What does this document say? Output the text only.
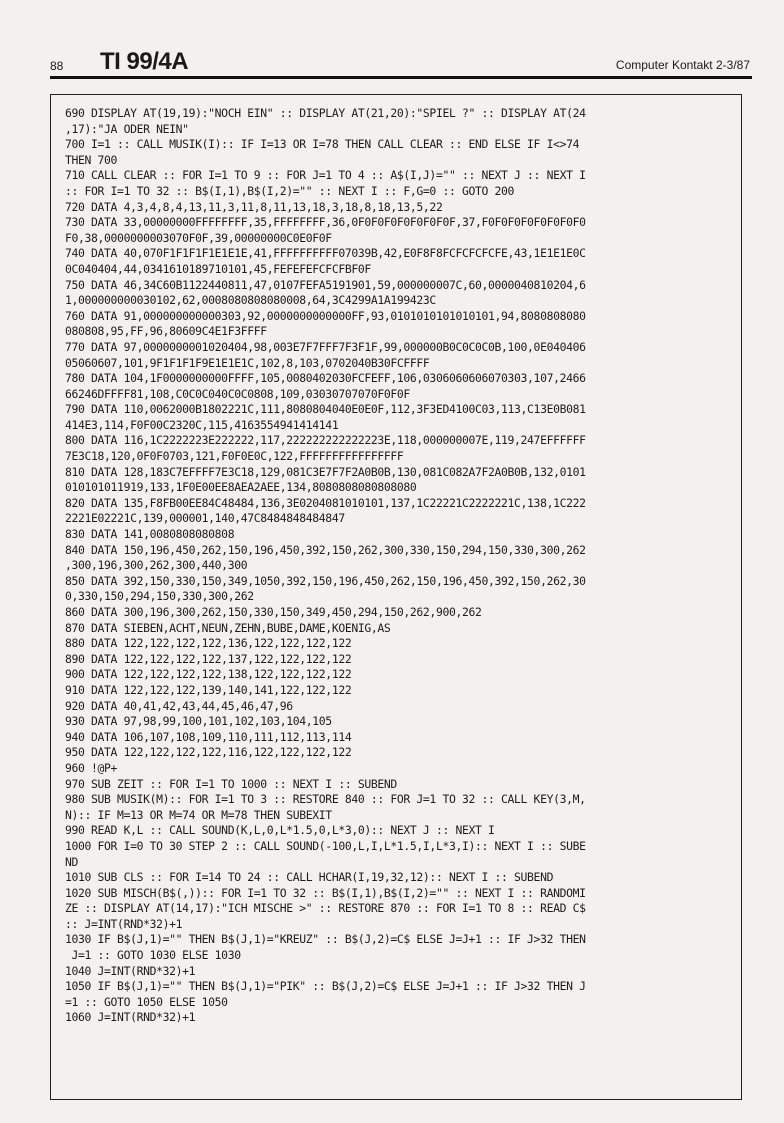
88 TI 99/4A	Computer Kontakt 2-3/87
690 DISPLAY AT(19,19):"NOCH EIN" :: DISPLAY AT(21,20):"SPIEL ?" :: DISPLAY AT(24
,17):"JA ODER NEIN"
700 I=1 :: CALL MUSIK(I):: IF I=13 OR I=78 THEN CALL CLEAR :: END ELSE IF I<>74
THEN 700
710 CALL CLEAR :: FOR I=1 TO 9 :: FOR J=1 TO 4 :: A$(I,J)="" :: NEXT J :: NEXT I
:: FOR I=1 TO 32 :: B$(I,1),B$(I,2)="" :: NEXT I :: F,G=0 :: GOTO 200
720 DATA 4,3,4,8,4,13,11,3,11,8,11,13,18,3,18,8,18,13,5,22
730 DATA 33,00000000FFFFFFFF,35,FFFFFFFF,36,0F0F0F0F0F0F0F0F,37,F0F0F0F0F0F0F0F0
F0,38,0000000003070F0F,39,00000000C0E0F0F
740 DATA 40,070F1F1F1F1E1E1E,41,FFFFFFFFFF07039B,42,E0F8F8FCFCFCFCFE,43,1E1E1E0C
0C040404,44,0341610189710101,45,FEFEFEFCFCFBF0F
750 DATA 46,34C60B1122440811,47,0107FEFA5191901,59,000000007C,60,0000040810204,6
1,000000000030102,62,0008080808080008,64,3C4299A1A199423C
760 DATA 91,000000000000303,92,0000000000000FF,93,0101010101010101,94,8080808080
080808,95,FF,96,80609C4E1F3FFFF
770 DATA 97,0000000001020404,98,003E7F7FFF7F3F1F,99,000000B0C0C0C0B,100,0E040406
05060607,101,9F1F1F1F9E1E1E1C,102,8,103,0702040B30FCFFFF
780 DATA 104,1F0000000000FFFF,105,0080402030FCFEFF,106,0306060606070303,107,2466
66246DFFFF81,108,C0C0C040C0C0808,109,03030707070F0F0F
790 DATA 110,0062000B1802221C,111,8080804040E0E0F,112,3F3ED4100C03,113,C13E0B081
414E3,114,F0F00C2320C,115,4163554941414141
800 DATA 116,1C2222223E222222,117,222222222222223E,118,000000007E,119,247EFFFFFF
7E3C18,120,0F0F0703,121,F0F0E0C,122,FFFFFFFFFFFFFFFF
810 DATA 128,183C7EFFFF7E3C18,129,081C3E7F7F2A0B0B,130,081C082A7F2A0B0B,132,0101
010101011919,133,1F0E00EE8AEA2AEE,134,8080808080808080
820 DATA 135,F8FB00EE84C48484,136,3E0204081010101,137,1C22221C2222221C,138,1C222
2221E02221C,139,000001,140,47C8484848484847
830 DATA 141,0080808080808
840 DATA 150,196,450,262,150,196,450,392,150,262,300,330,150,294,150,330,300,262
,300,196,300,262,300,440,300
850 DATA 392,150,330,150,349,1050,392,150,196,450,262,150,196,450,392,150,262,30
0,330,150,294,150,330,300,262
860 DATA 300,196,300,262,150,330,150,349,450,294,150,262,900,262
870 DATA SIEBEN,ACHT,NEUN,ZEHN,BUBE,DAME,KOENIG,AS
880 DATA 122,122,122,122,136,122,122,122,122
890 DATA 122,122,122,122,137,122,122,122,122
900 DATA 122,122,122,122,138,122,122,122,122
910 DATA 122,122,122,139,140,141,122,122,122
920 DATA 40,41,42,43,44,45,46,47,96
930 DATA 97,98,99,100,101,102,103,104,105
940 DATA 106,107,108,109,110,111,112,113,114
950 DATA 122,122,122,122,116,122,122,122,122
960 !@P+
970 SUB ZEIT :: FOR I=1 TO 1000 :: NEXT I :: SUBEND
980 SUB MUSIK(M):: FOR I=1 TO 3 :: RESTORE 840 :: FOR J=1 TO 32 :: CALL KEY(3,M,
N):: IF M=13 OR M=74 OR M=78 THEN SUBEXIT
990 READ K,L :: CALL SOUND(K,L,0,L*1.5,0,L*3,0):: NEXT J :: NEXT I
1000 FOR I=0 TO 30 STEP 2 :: CALL SOUND(-100,L,I,L*1.5,I,L*3,I):: NEXT I :: SUBE
ND
1010 SUB CLS :: FOR I=14 TO 24 :: CALL HCHAR(I,19,32,12):: NEXT I :: SUBEND
1020 SUB MISCH(B$(,)):: FOR I=1 TO 32 :: B$(I,1),B$(I,2)="" :: NEXT I :: RANDOMI
ZE :: DISPLAY AT(14,17):"ICH MISCHE >" :: RESTORE 870 :: FOR I=1 TO 8 :: READ C$
:: J=INT(RND*32)+1
1030 IF B$(J,1)="" THEN B$(J,1)="KREUZ" :: B$(J,2)=C$ ELSE J=J+1 :: IF J>32 THEN
J=1 :: GOTO 1030 ELSE 1030
1040 J=INT(RND*32)+1
1050 IF B$(J,1)="" THEN B$(J,1)="PIK" :: B$(J,2)=C$ ELSE J=J+1 :: IF J>32 THEN J
=1 :: GOTO 1050 ELSE 1050
1060 J=INT(RND*32)+1
